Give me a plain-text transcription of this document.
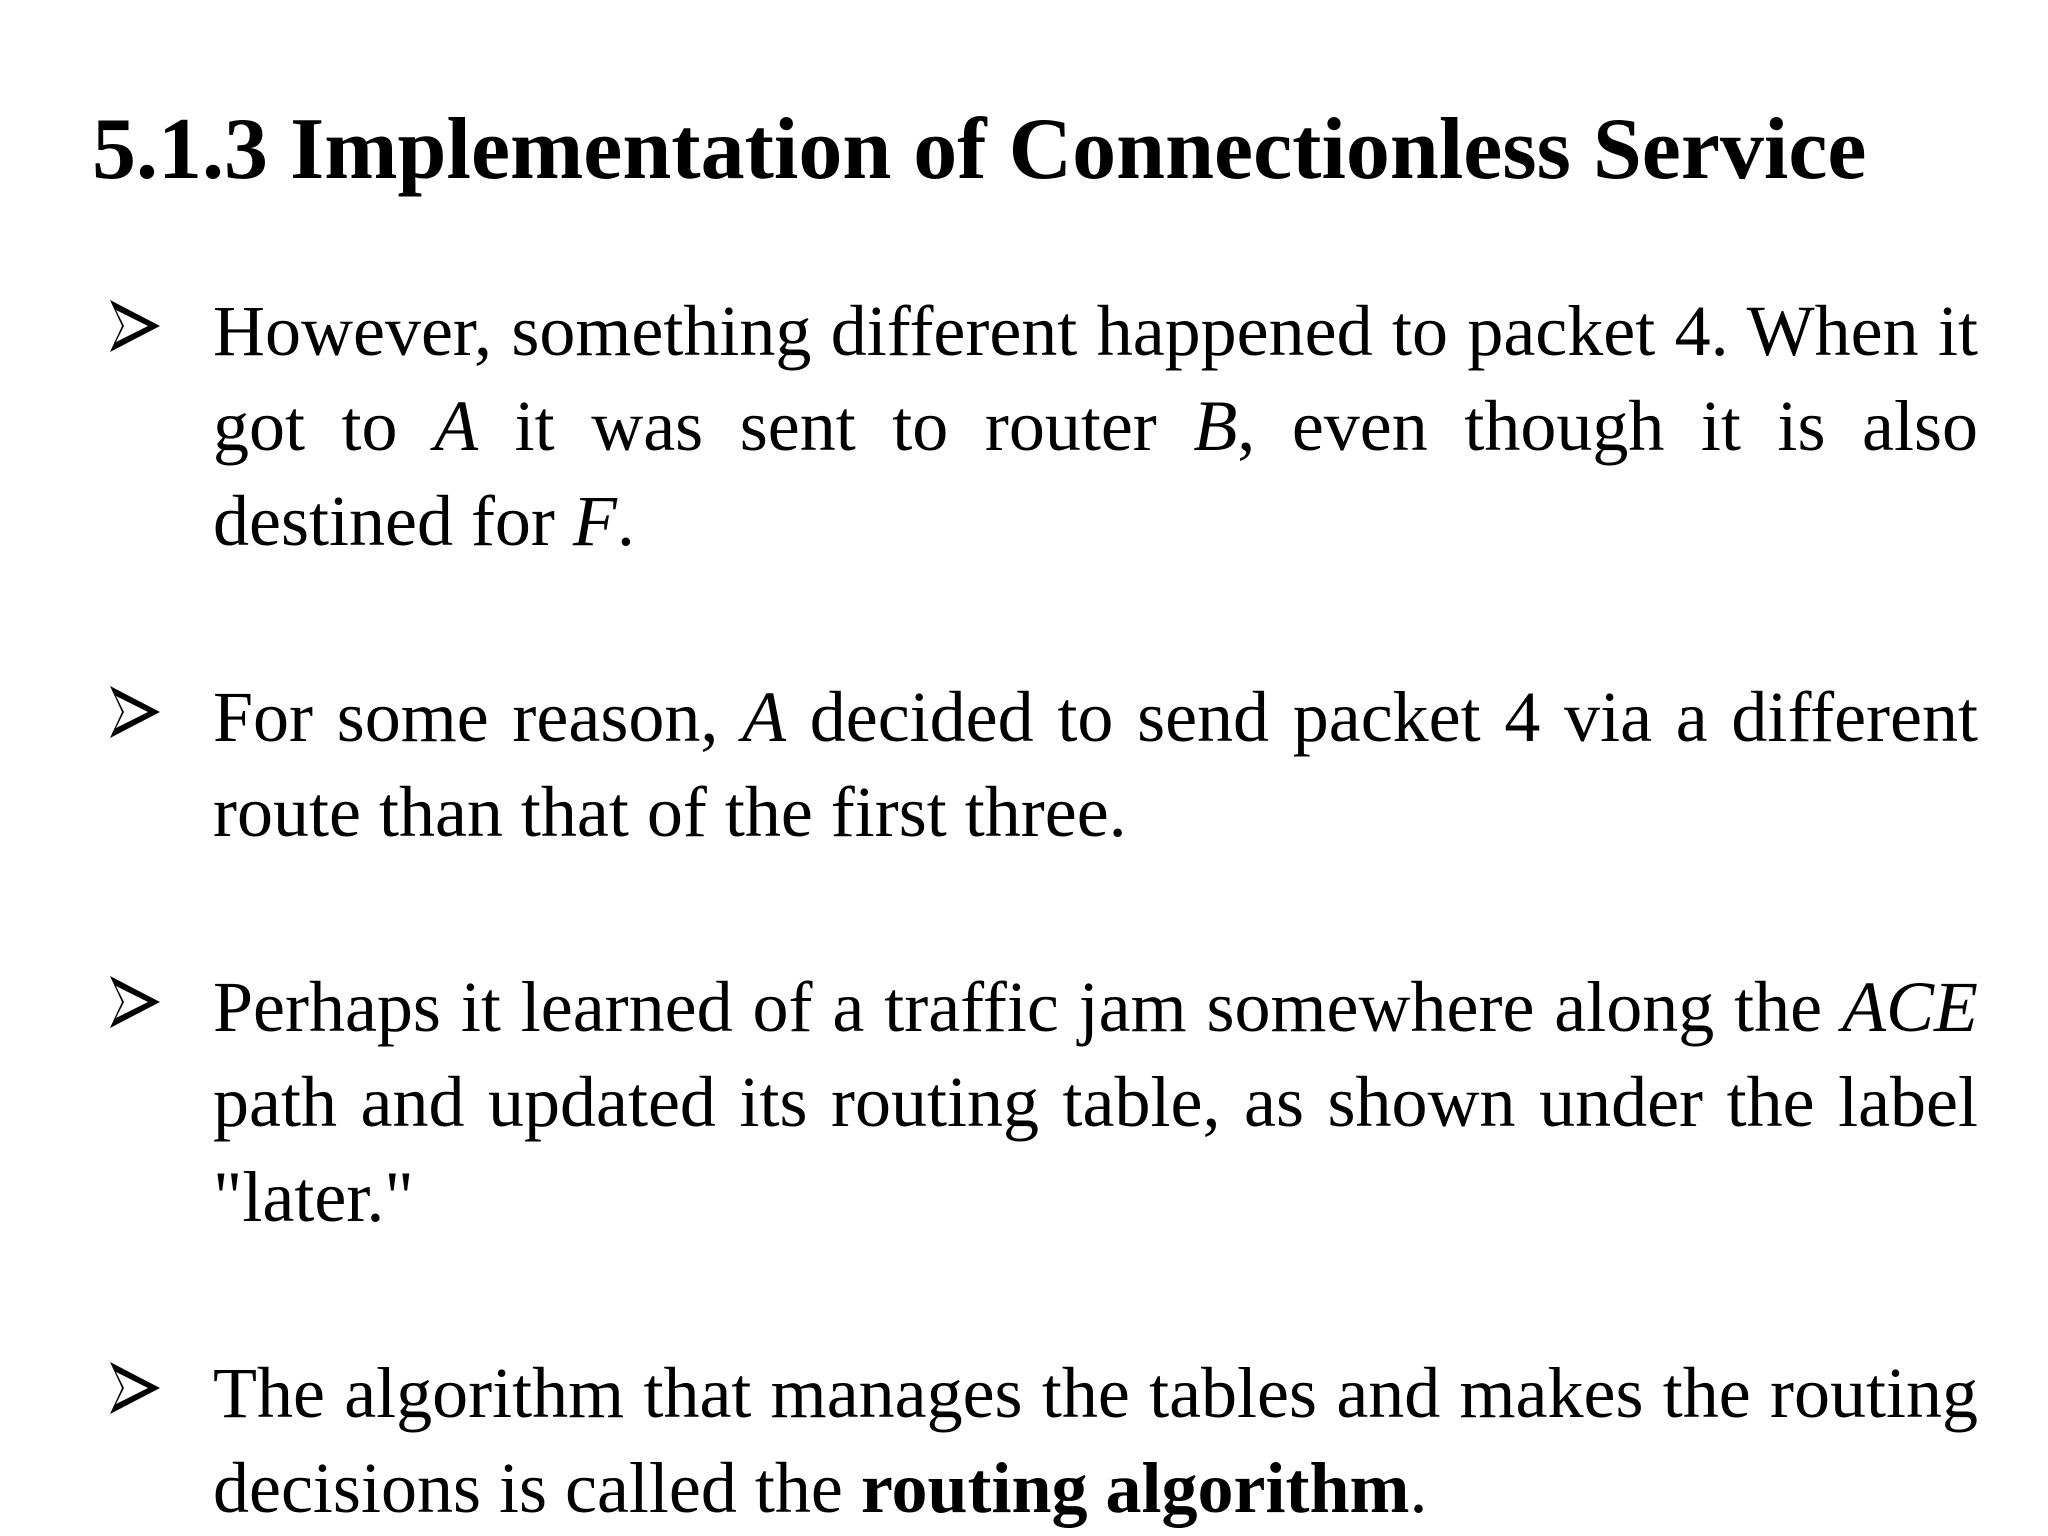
5.1.3 Implementation of Connectionless Service

However, something different happened to packet 4. When it got to A it was sent to router B, even though it is also destined for F.

For some reason, A decided to send packet 4 via a different route than that of the first three.

Perhaps it learned of a traffic jam somewhere along the ACE path and updated its routing table, as shown under the label "later."

The algorithm that manages the tables and makes the routing decisions is called the routing algorithm.
